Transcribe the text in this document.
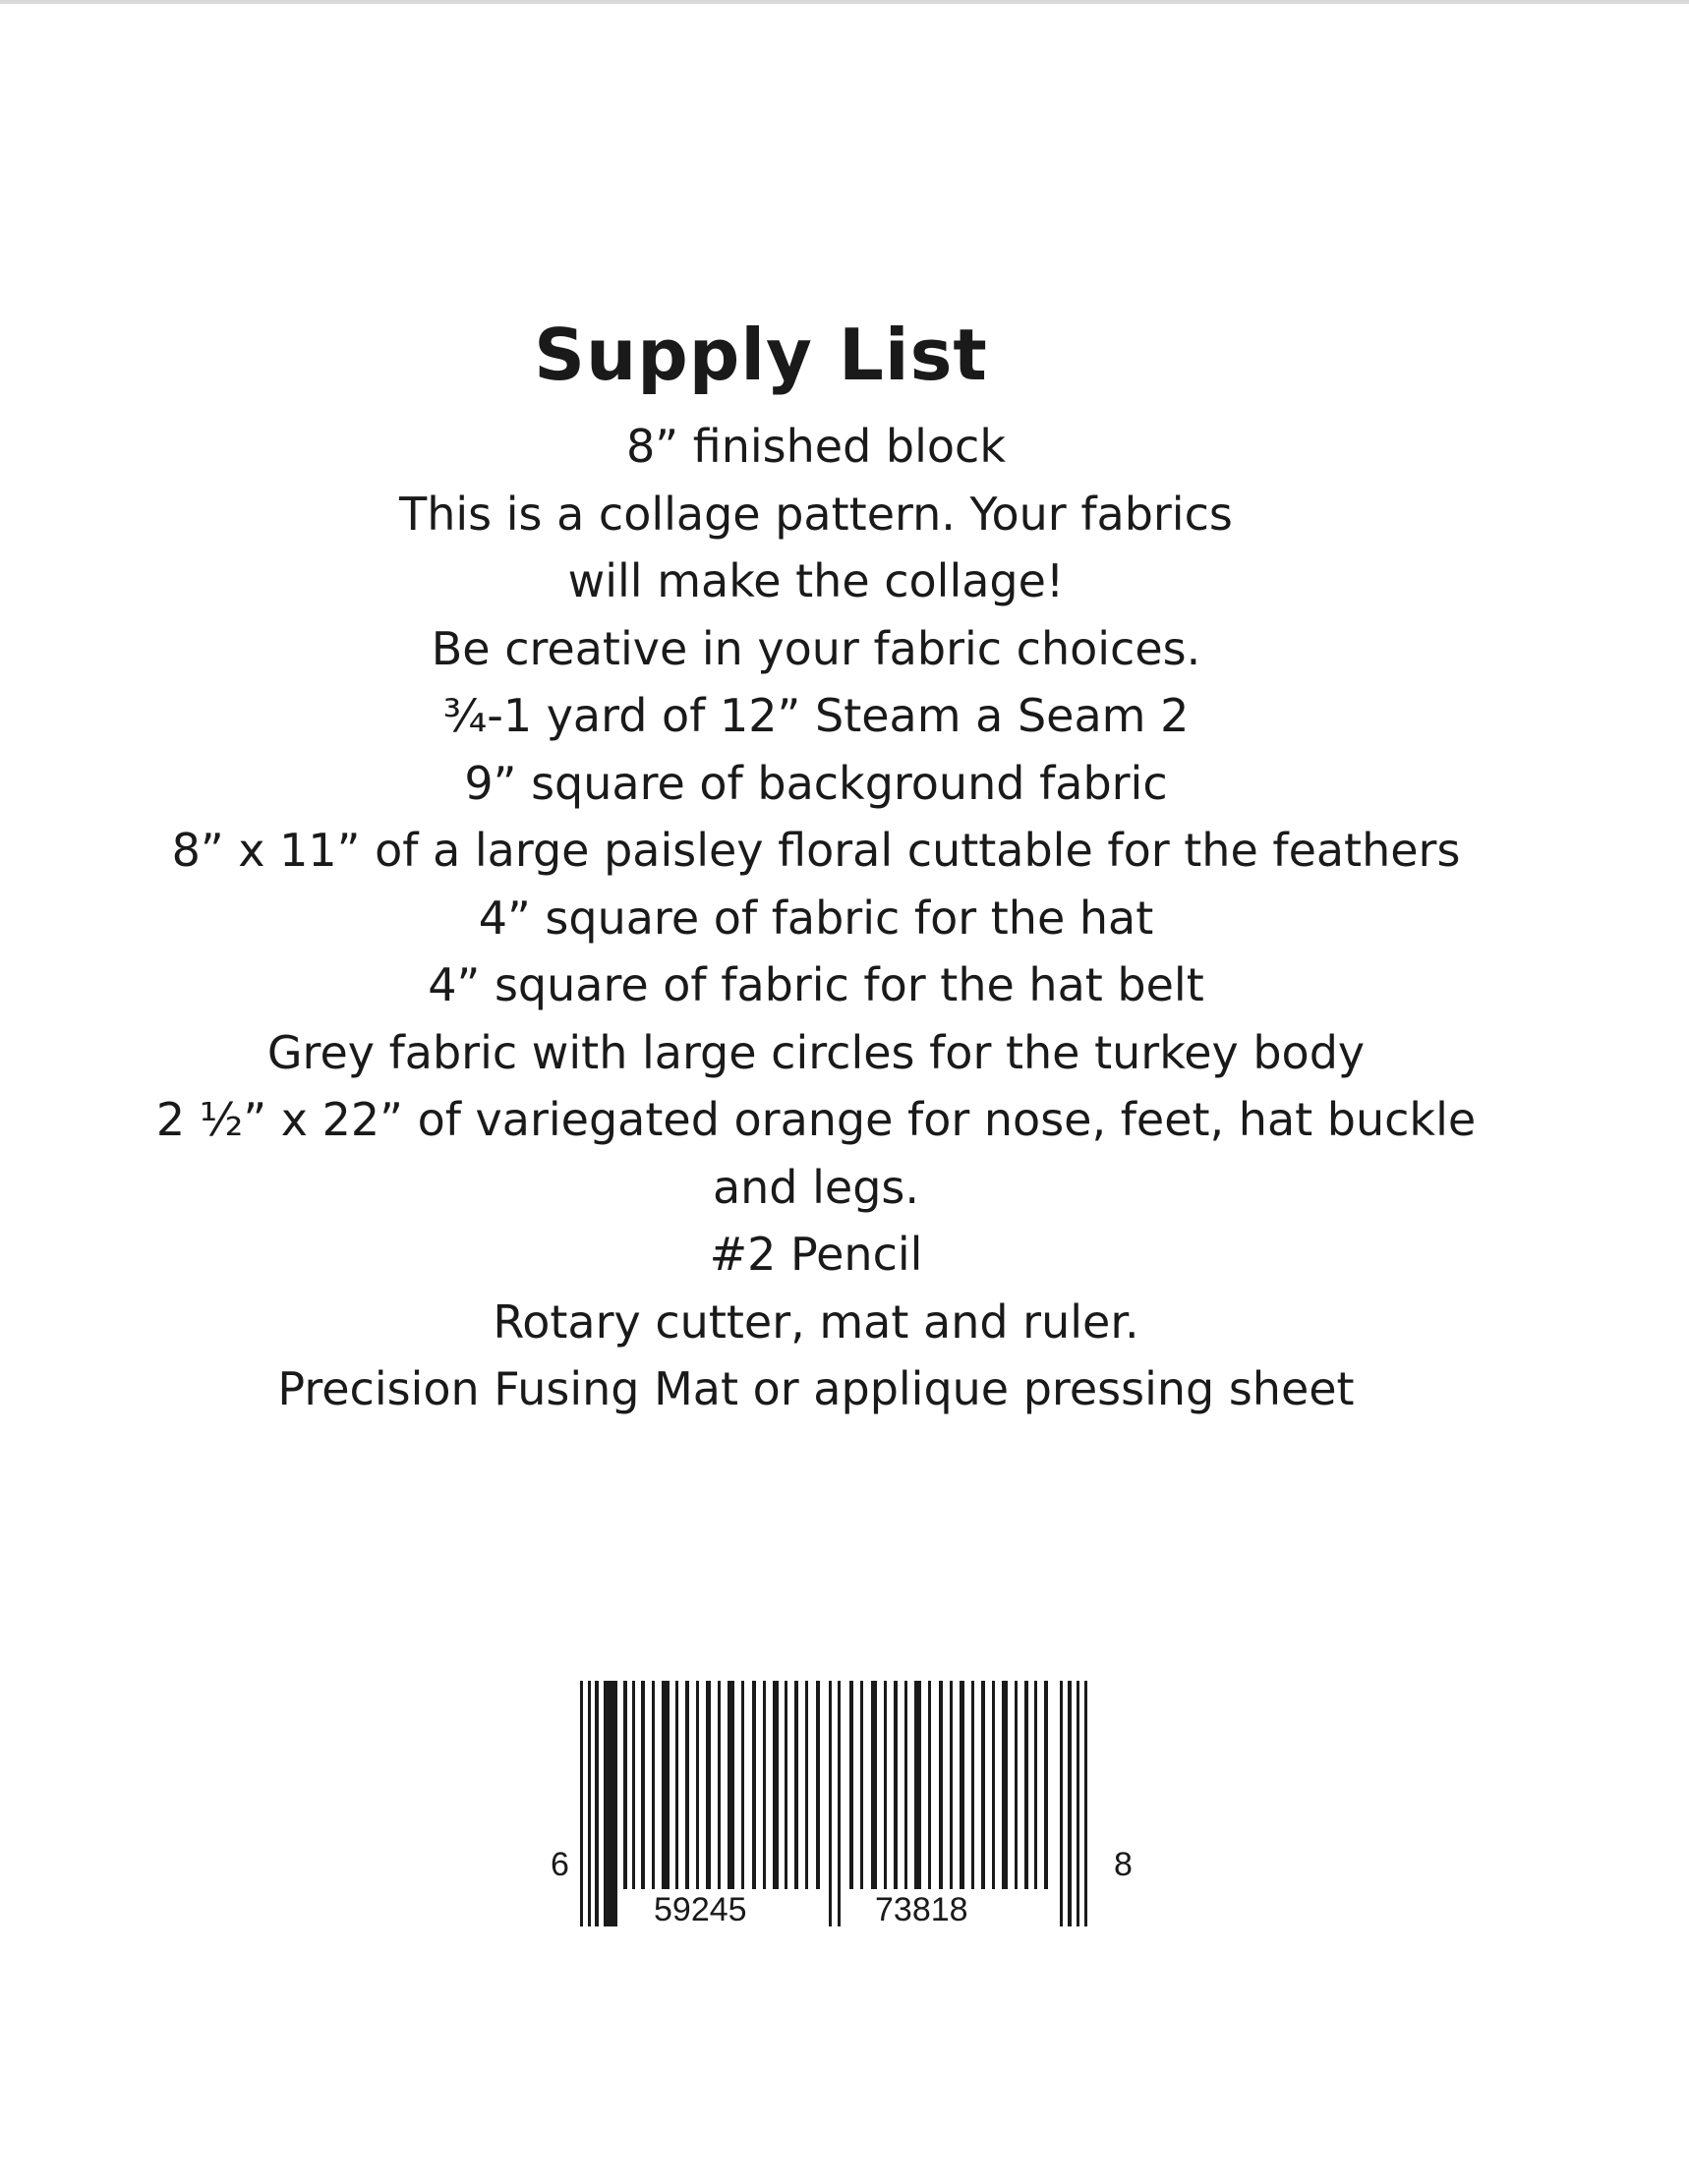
Supply List
8” finished block
This is a collage pattern. Your fabrics
will make the collage!
Be creative in your fabric choices.
¾-1 yard of 12” Steam a Seam 2
9” square of background fabric
8” x 11” of a large paisley floral cuttable for the feathers
4” square of fabric for the hat
4” square of fabric for the hat belt
Grey fabric with large circles for the turkey body
2 ½” x 22” of variegated orange for nose, feet, hat buckle
and legs.
#2 Pencil
Rotary cutter, mat and ruler.
Precision Fusing Mat or applique pressing sheet
6
59245	73818
8
